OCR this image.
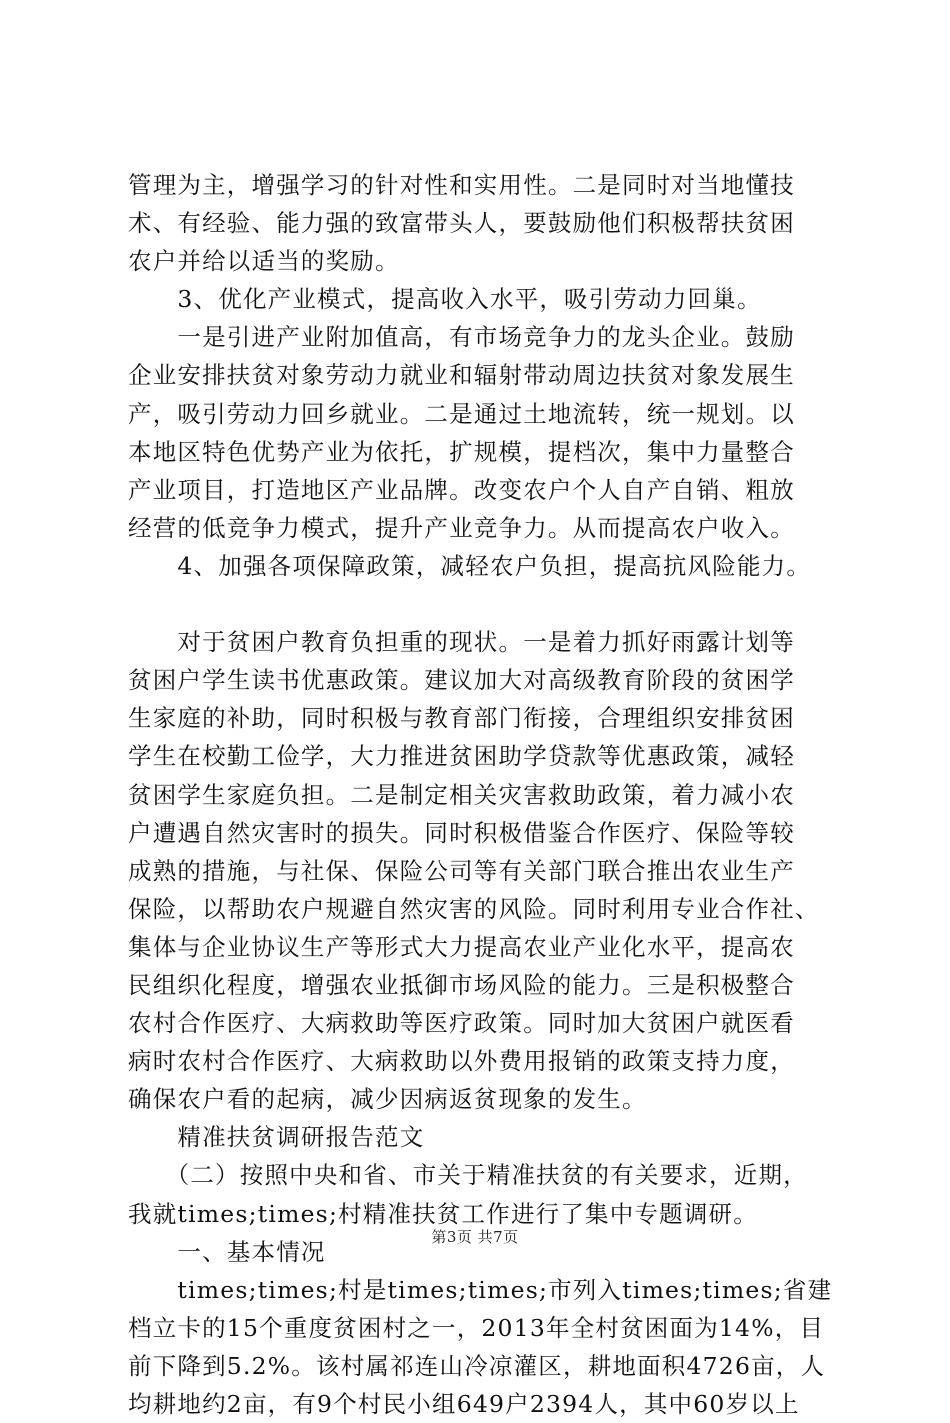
管理为主，增强学习的针对性和实用性。二是同时对当地懂技
术、有经验、能力强的致富带头人，要鼓励他们积极帮扶贫困
农户并给以适当的奖励。
　　3、优化产业模式，提高收入水平，吸引劳动力回巢。
　　一是引进产业附加值高，有市场竞争力的龙头企业。鼓励
企业安排扶贫对象劳动力就业和辐射带动周边扶贫对象发展生
产，吸引劳动力回乡就业。二是通过土地流转，统一规划。以
本地区特色优势产业为依托，扩规模，提档次，集中力量整合
产业项目，打造地区产业品牌。改变农户个人自产自销、粗放
经营的低竞争力模式，提升产业竞争力。从而提高农户收入。
　　4、加强各项保障政策，减轻农户负担，提高抗风险能力。
　　对于贫困户教育负担重的现状。一是着力抓好雨露计划等
贫困户学生读书优惠政策。建议加大对高级教育阶段的贫困学
生家庭的补助，同时积极与教育部门衔接，合理组织安排贫困
学生在校勤工俭学，大力推进贫困助学贷款等优惠政策，减轻
贫困学生家庭负担。二是制定相关灾害救助政策，着力减小农
户遭遇自然灾害时的损失。同时积极借鉴合作医疗、保险等较
成熟的措施，与社保、保险公司等有关部门联合推出农业生产
保险，以帮助农户规避自然灾害的风险。同时利用专业合作社、
集体与企业协议生产等形式大力提高农业产业化水平，提高农
民组织化程度，增强农业抵御市场风险的能力。三是积极整合
农村合作医疗、大病救助等医疗政策。同时加大贫困户就医看
病时农村合作医疗、大病救助以外费用报销的政策支持力度，
确保农户看的起病，减少因病返贫现象的发生。
　　精准扶贫调研报告范文
　　（二）按照中央和省、市关于精准扶贫的有关要求，近期，
我就times;times;村精准扶贫工作进行了集中专题调研。
　　一、基本情况
　　times;times;村是times;times;市列入times;times;省建
档立卡的15个重度贫困村之一，2013年全村贫困面为14%，目
前下降到5.2%。该村属祁连山冷凉灌区，耕地面积4726亩，人
均耕地约2亩，有9个村民小组649户2394人，其中60岁以上
第3页 共7页
